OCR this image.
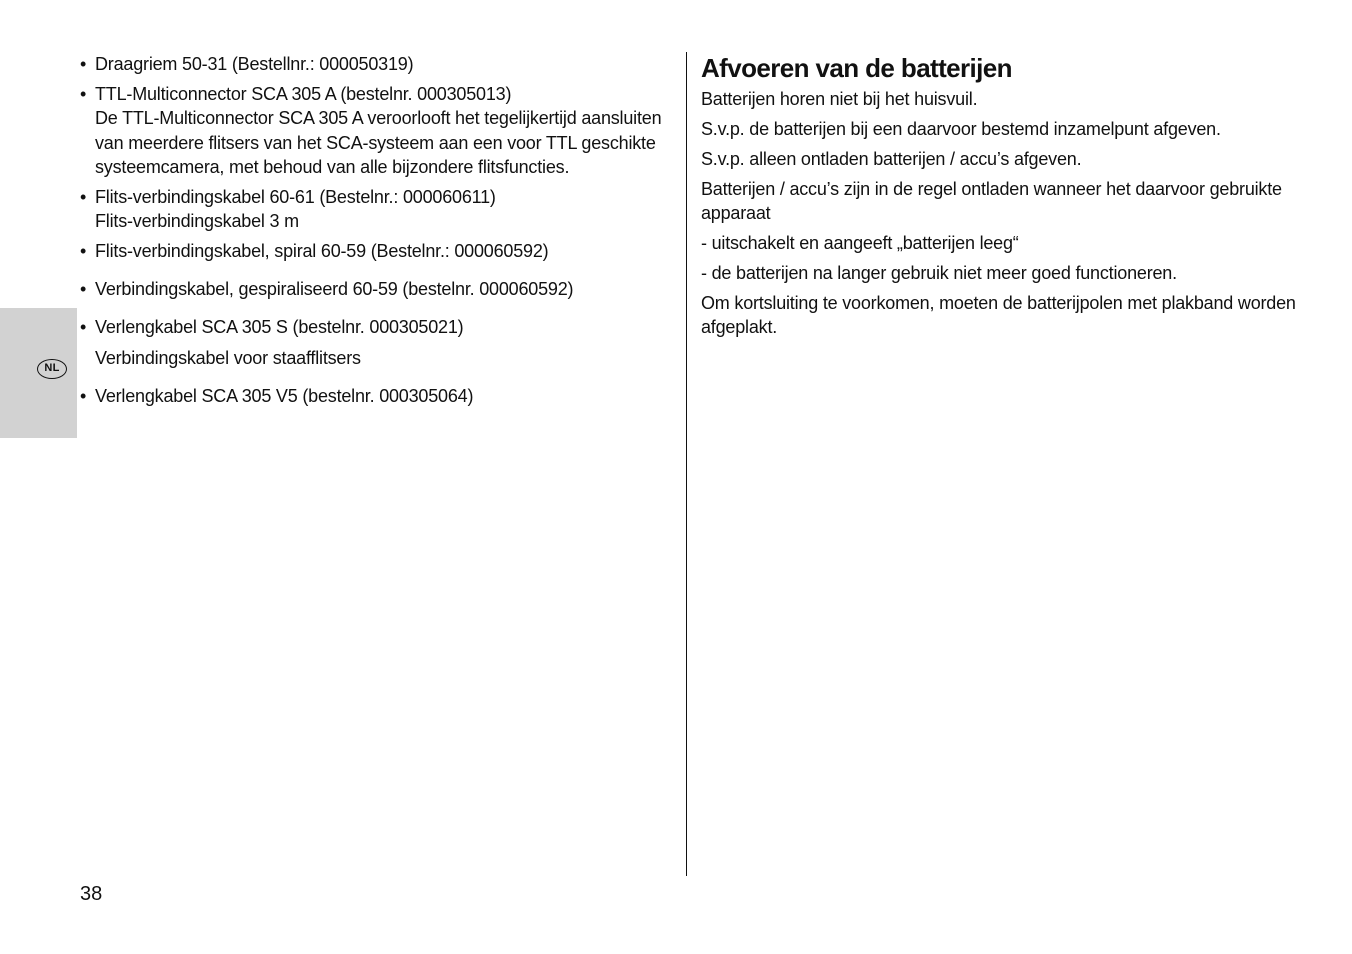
NL
• Draagriem 50-31 (Bestellnr.: 000050319)
• TTL-Multiconnector SCA 305 A (bestelnr. 000305013)
De TTL-Multiconnector SCA 305 A veroorlooft het tegelijkertijd aansluiten
van meerdere flitsers van het SCA-systeem aan een voor TTL geschikte
systeemcamera, met behoud van alle bijzondere flitsfuncties.
• Flits-verbindingskabel 60-61 (Bestelnr.: 000060611)
Flits-verbindingskabel 3 m
• Flits-verbindingskabel, spiral 60-59 (Bestelnr.: 000060592)
• Verbindingskabel, gespiraliseerd 60-59 (bestelnr. 000060592)
• Verlengkabel SCA 305 S (bestelnr. 000305021)
Verbindingskabel voor staafflitsers
• Verlengkabel SCA 305 V5 (bestelnr. 000305064)
Afvoeren van de batterijen
Batterijen horen niet bij het huisvuil.
S.v.p. de batterijen bij een daarvoor bestemd inzamelpunt afgeven.
S.v.p. alleen ontladen batterijen / accu’s afgeven.
Batterijen / accu’s zijn in de regel ontladen wanneer het daarvoor gebruikte apparaat
- uitschakelt en aangeeft „batterijen leeg“
- de batterijen na langer gebruik niet meer goed functioneren.
Om kortsluiting te voorkomen, moeten de batterijpolen met plakband worden afgeplakt.
38
